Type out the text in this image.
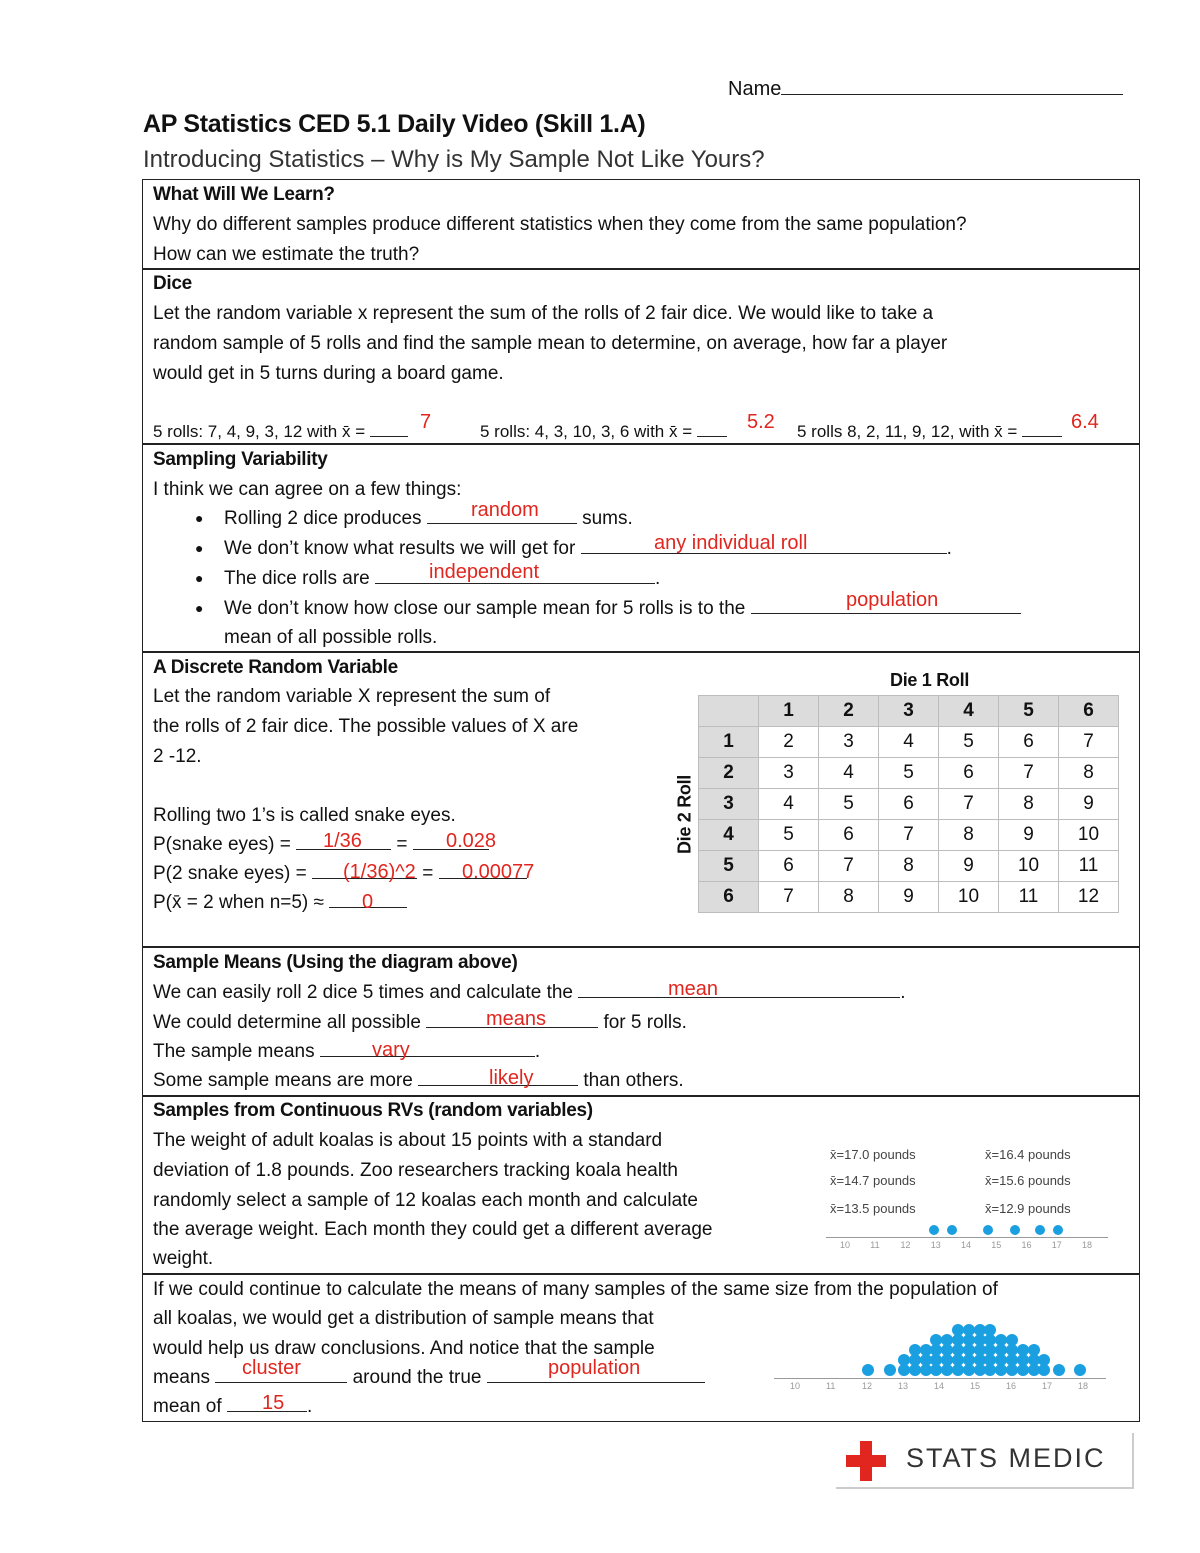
Name
AP Statistics CED 5.1 Daily Video (Skill 1.A)
Introducing Statistics – Why is My Sample Not Like Yours?
What Will We Learn?
Why do different samples produce different statistics when they come from the same population?
How can we estimate the truth?
Dice
Let the random variable x represent the sum of the rolls of 2 fair dice. We would like to take a
random sample of 5 rolls and find the sample mean to determine, on average, how far a player
would get in 5 turns during a board game.
5 rolls: 7, 4, 9, 3, 12 with x̄ =	5 rolls: 4, 3, 10, 3, 6 with x̄ =	5 rolls 8, 2, 11, 9, 12, with x̄ =
7	5.2	6.4
Sampling Variability
I think we can agree on a few things:
● Rolling 2 dice produces	sums.
random
● We don’t know what results we will get for	.
any individual roll
● The dice rolls are	.
independent
● We don’t know how close our sample mean for 5 rolls is to the	population
mean of all possible rolls.
A Discrete Random Variable
Let the random variable X represent the sum of
the rolls of 2 fair dice. The possible values of X are
2 -12.
Rolling two 1’s is called snake eyes.
P(snake eyes) =	=
1/36	0.028
P(2 snake eyes) =	=
(1/36)^2 0.00077
P(x̄ = 2 when n=5) ≈	0
Die 1 Roll
Die 2 Roll
	1	2	3	4	5	6
1	2	3	4	5	6	7
2	3	4	5	6	7	8
3	4	5	6	7	8	9
4	5	6	7	8	9	10
5	6	7	8	9	10	11
6	7	8	9	10	11	12
Sample Means (Using the diagram above)
We can easily roll 2 dice 5 times and calculate the	.
mean
We could determine all possible	for 5 rolls.
means
The sample means	.
vary
Some sample means are more	than others.
likely
Samples from Continuous RVs (random variables)
The weight of adult koalas is about 15 points with a standard
deviation of 1.8 pounds. Zoo researchers tracking koala health
randomly select a sample of 12 koalas each month and calculate
the average weight. Each month they could get a different average
weight.
x̄=17.0 pounds	x̄=16.4 pounds
x̄=14.7 pounds	x̄=15.6 pounds
x̄=13.5 pounds	x̄=12.9 pounds
10 11 12 13 14 15 16 17 18
If we could continue to calculate the means of many samples of the same size from the population of
all koalas, we would get a distribution of sample means that
would help us draw conclusions. And notice that the sample
means	around the true
cluster	population
mean of	.
15
10	11	12	13	14	15	16	17	18
STATS MEDIC
